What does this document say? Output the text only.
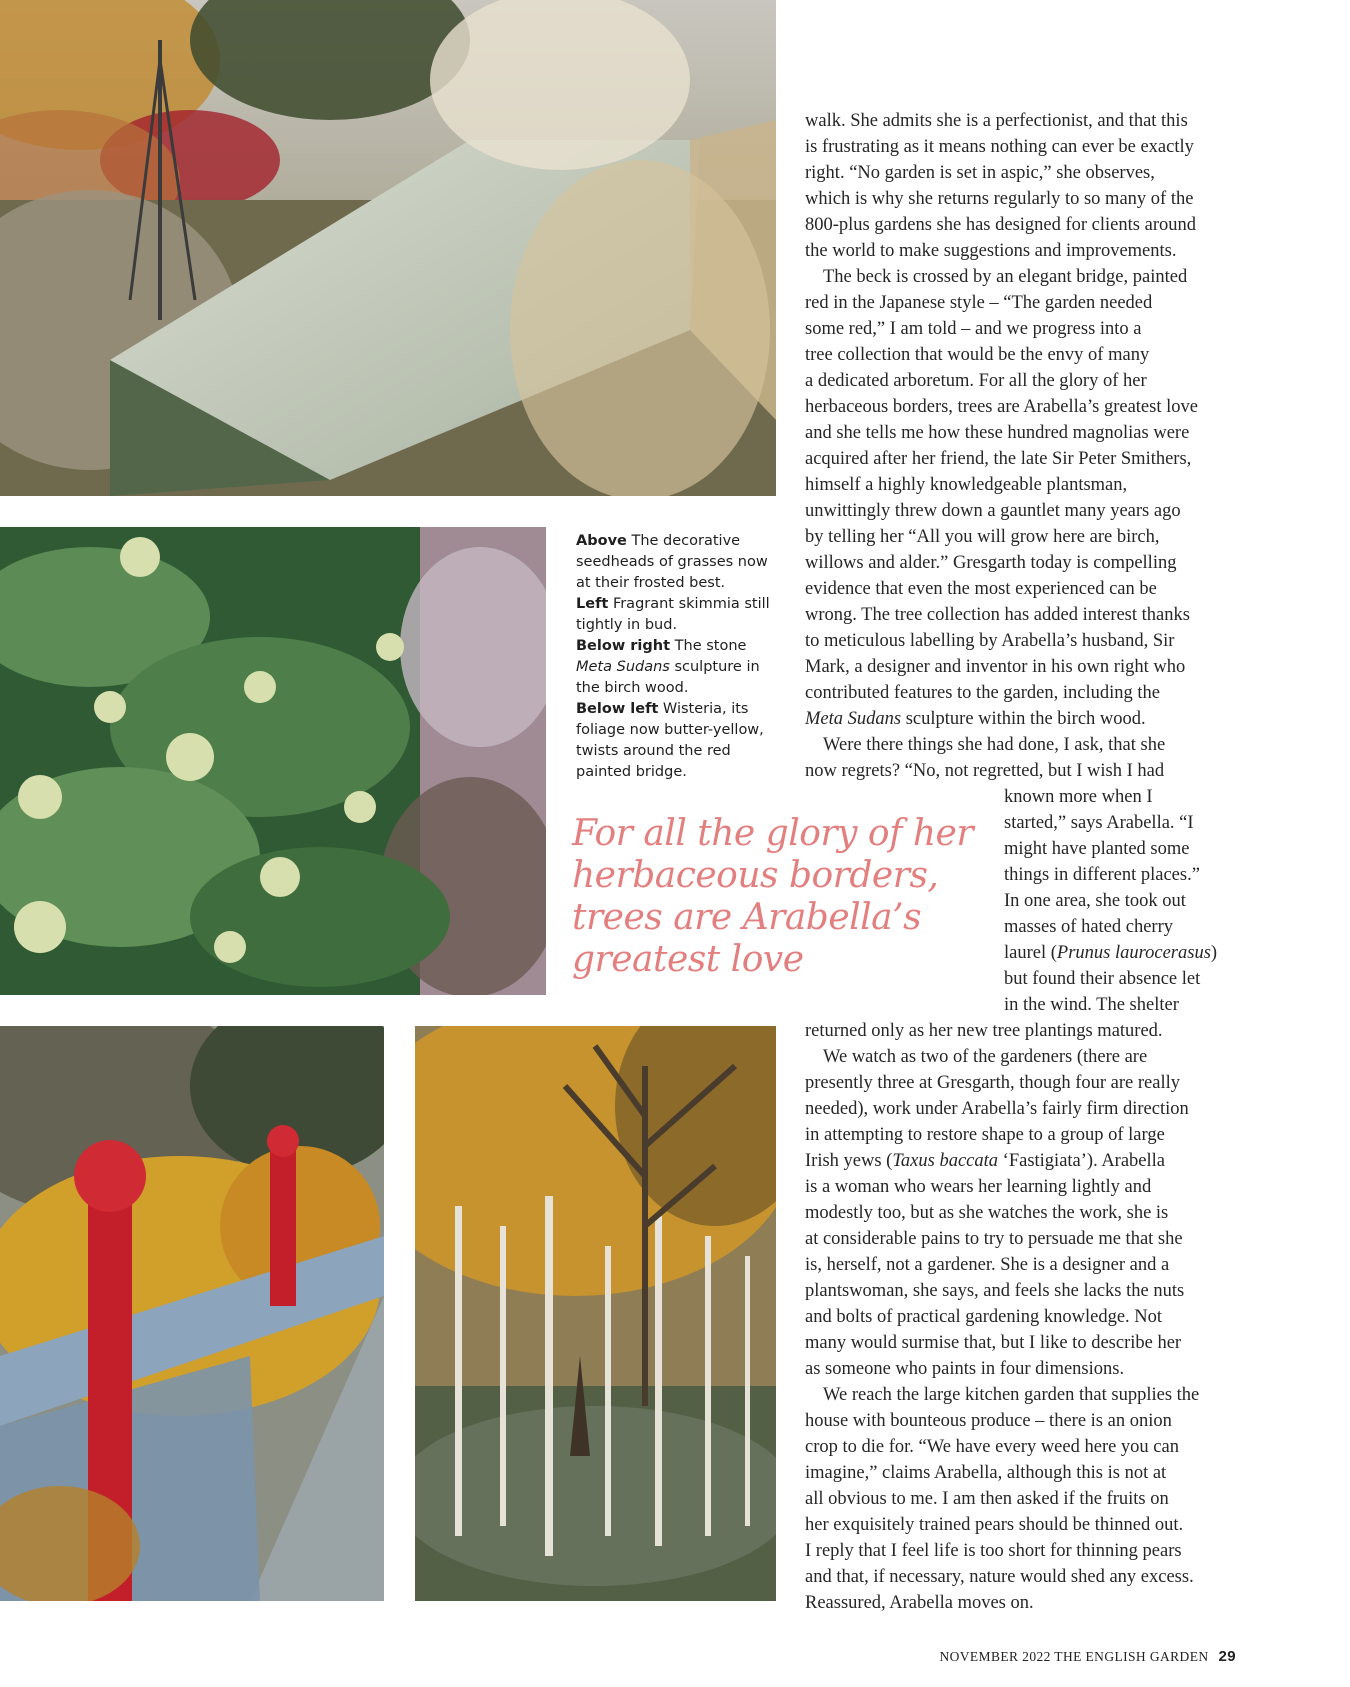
Above The decorative seedheads of grasses now at their frosted best.

Left Fragrant skimmia still tightly in bud.

Below right The stone Meta Sudans sculpture in the birch wood.

Below left Wisteria, its foliage now butter-yellow, twists around the red painted bridge.

For all the glory of her
herbaceous borders,
trees are Arabella’s
greatest love
walk. She admits she is a perfectionist, and that this
is frustrating as it means nothing can ever be exactly
right. “No garden is set in aspic,” she observes,
which is why she returns regularly to so many of the
800-plus gardens she has designed for clients around
the world to make suggestions and improvements.
The beck is crossed by an elegant bridge, painted
red in the Japanese style – “The garden needed
some red,” I am told – and we progress into a
tree collection that would be the envy of many
a dedicated arboretum. For all the glory of her
herbaceous borders, trees are Arabella’s greatest love
and she tells me how these hundred magnolias were
acquired after her friend, the late Sir Peter Smithers,
himself a highly knowledgeable plantsman,
unwittingly threw down a gauntlet many years ago
by telling her “All you will grow here are birch,
willows and alder.” Gresgarth today is compelling
evidence that even the most experienced can be
wrong. The tree collection has added interest thanks
to meticulous labelling by Arabella’s husband, Sir
Mark, a designer and inventor in his own right who
contributed features to the garden, including the
Meta Sudans sculpture within the birch wood.
Were there things she had done, I ask, that she
now regrets? “No, not regretted, but I wish I had
known more when I
started,” says Arabella. “I
might have planted some
things in different places.”
In one area, she took out
masses of hated cherry
laurel (Prunus laurocerasus)
but found their absence let
in the wind. The shelter
returned only as her new tree plantings matured.
We watch as two of the gardeners (there are
presently three at Gresgarth, though four are really
needed), work under Arabella’s fairly firm direction
in attempting to restore shape to a group of large
Irish yews (Taxus baccata ‘Fastigiata’). Arabella
is a woman who wears her learning lightly and
modestly too, but as she watches the work, she is
at considerable pains to try to persuade me that she
is, herself, not a gardener. She is a designer and a
plantswoman, she says, and feels she lacks the nuts
and bolts of practical gardening knowledge. Not
many would surmise that, but I like to describe her
as someone who paints in four dimensions.
We reach the large kitchen garden that supplies the
house with bounteous produce – there is an onion
crop to die for. “We have every weed here you can
imagine,” claims Arabella, although this is not at
all obvious to me. I am then asked if the fruits on
her exquisitely trained pears should be thinned out.
I reply that I feel life is too short for thinning pears
and that, if necessary, nature would shed any excess.
Reassured, Arabella moves on.
NOVEMBER 2022 THE ENGLISH GARDEN 29
